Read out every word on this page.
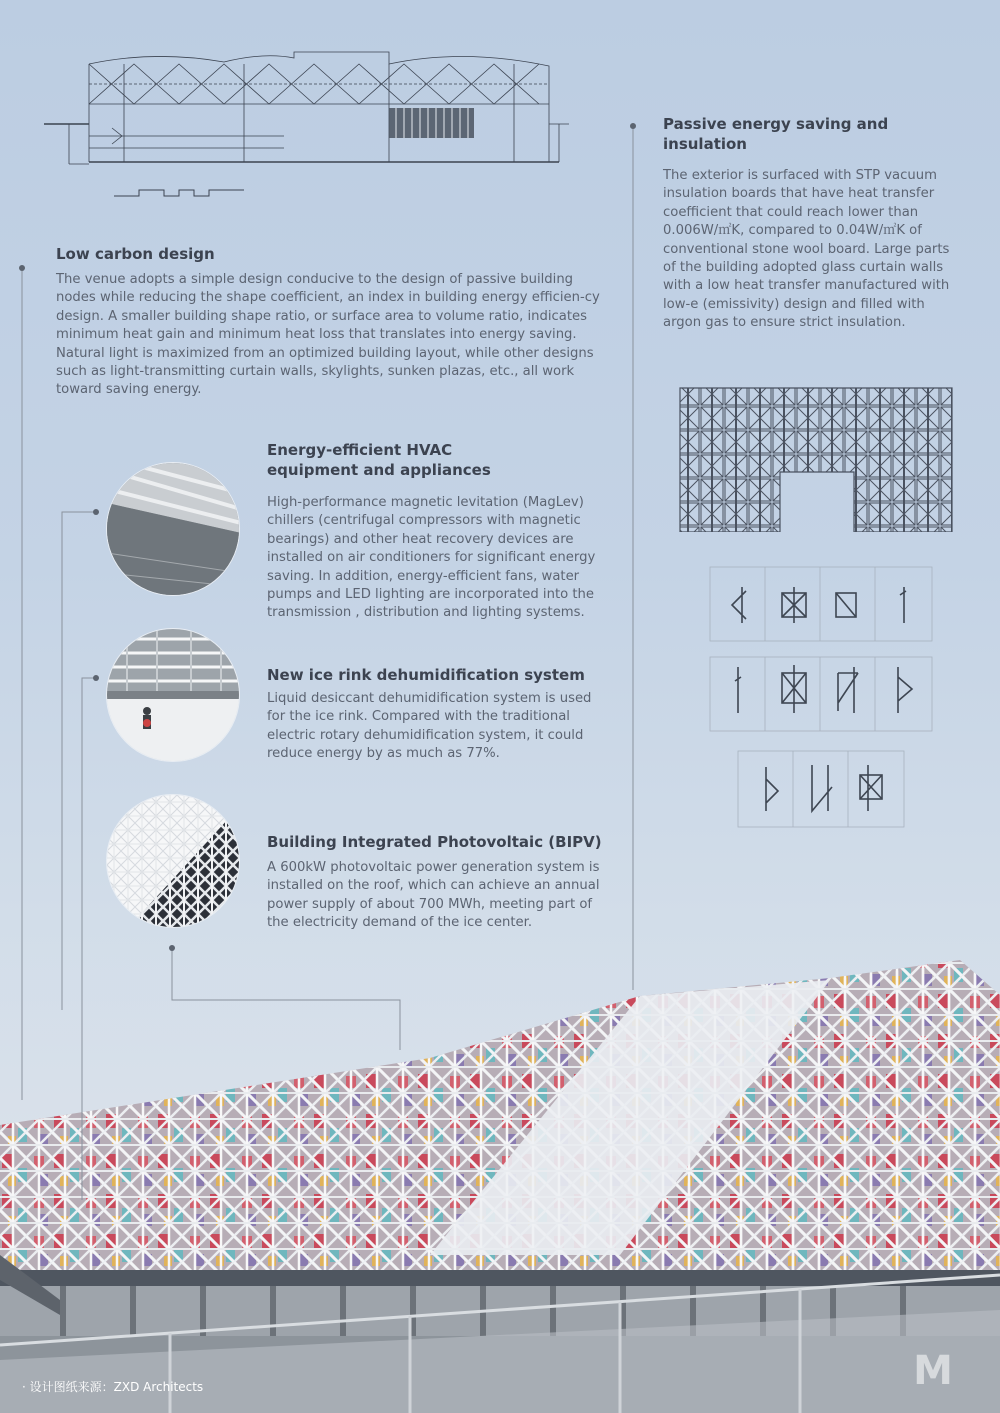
Low carbon design

The venue adopts a simple design conducive to the design of passive building nodes while reducing the shape coefficient, an index in building energy efficien-cy design. A smaller building shape ratio, or surface area to volume ratio, indicates minimum heat gain and minimum heat loss that translates into energy saving. Natural light is maximized from an optimized building layout, while other designs such as light-transmitting curtain walls, skylights, sunken plazas, etc., all work toward saving energy.

Passive energy saving and insulation

The exterior is surfaced with STP vacuum insulation boards that have heat transfer coefficient that could reach lower than 0.006W/㎡K, compared to 0.04W/㎡K of conventional stone wool board. Large parts of the building adopted glass curtain walls with a low heat transfer manufactured with low-e (emissivity) design and filled with argon gas to ensure strict insulation.

Energy-efficient HVAC
equipment and appliances

High-performance magnetic levitation (MagLev) chillers (centrifugal compressors with magnetic bearings) and other heat recovery devices are installed on air conditioners for significant energy saving. In addition, energy-efficient fans, water pumps and LED lighting are incorporated into the transmission , distribution and lighting systems.

New ice rink dehumidification system

Liquid desiccant dehumidification system is used for the ice rink. Compared with the traditional electric rotary dehumidification system, it could reduce energy by as much as 77%.

Building Integrated Photovoltaic (BIPV)

A 600kW photovoltaic power generation system is installed on the roof, which can achieve an annual power supply of about 700 MWh, meeting part of the electricity demand of the ice center.

· 设计图纸来源：ZXD Architects	M
